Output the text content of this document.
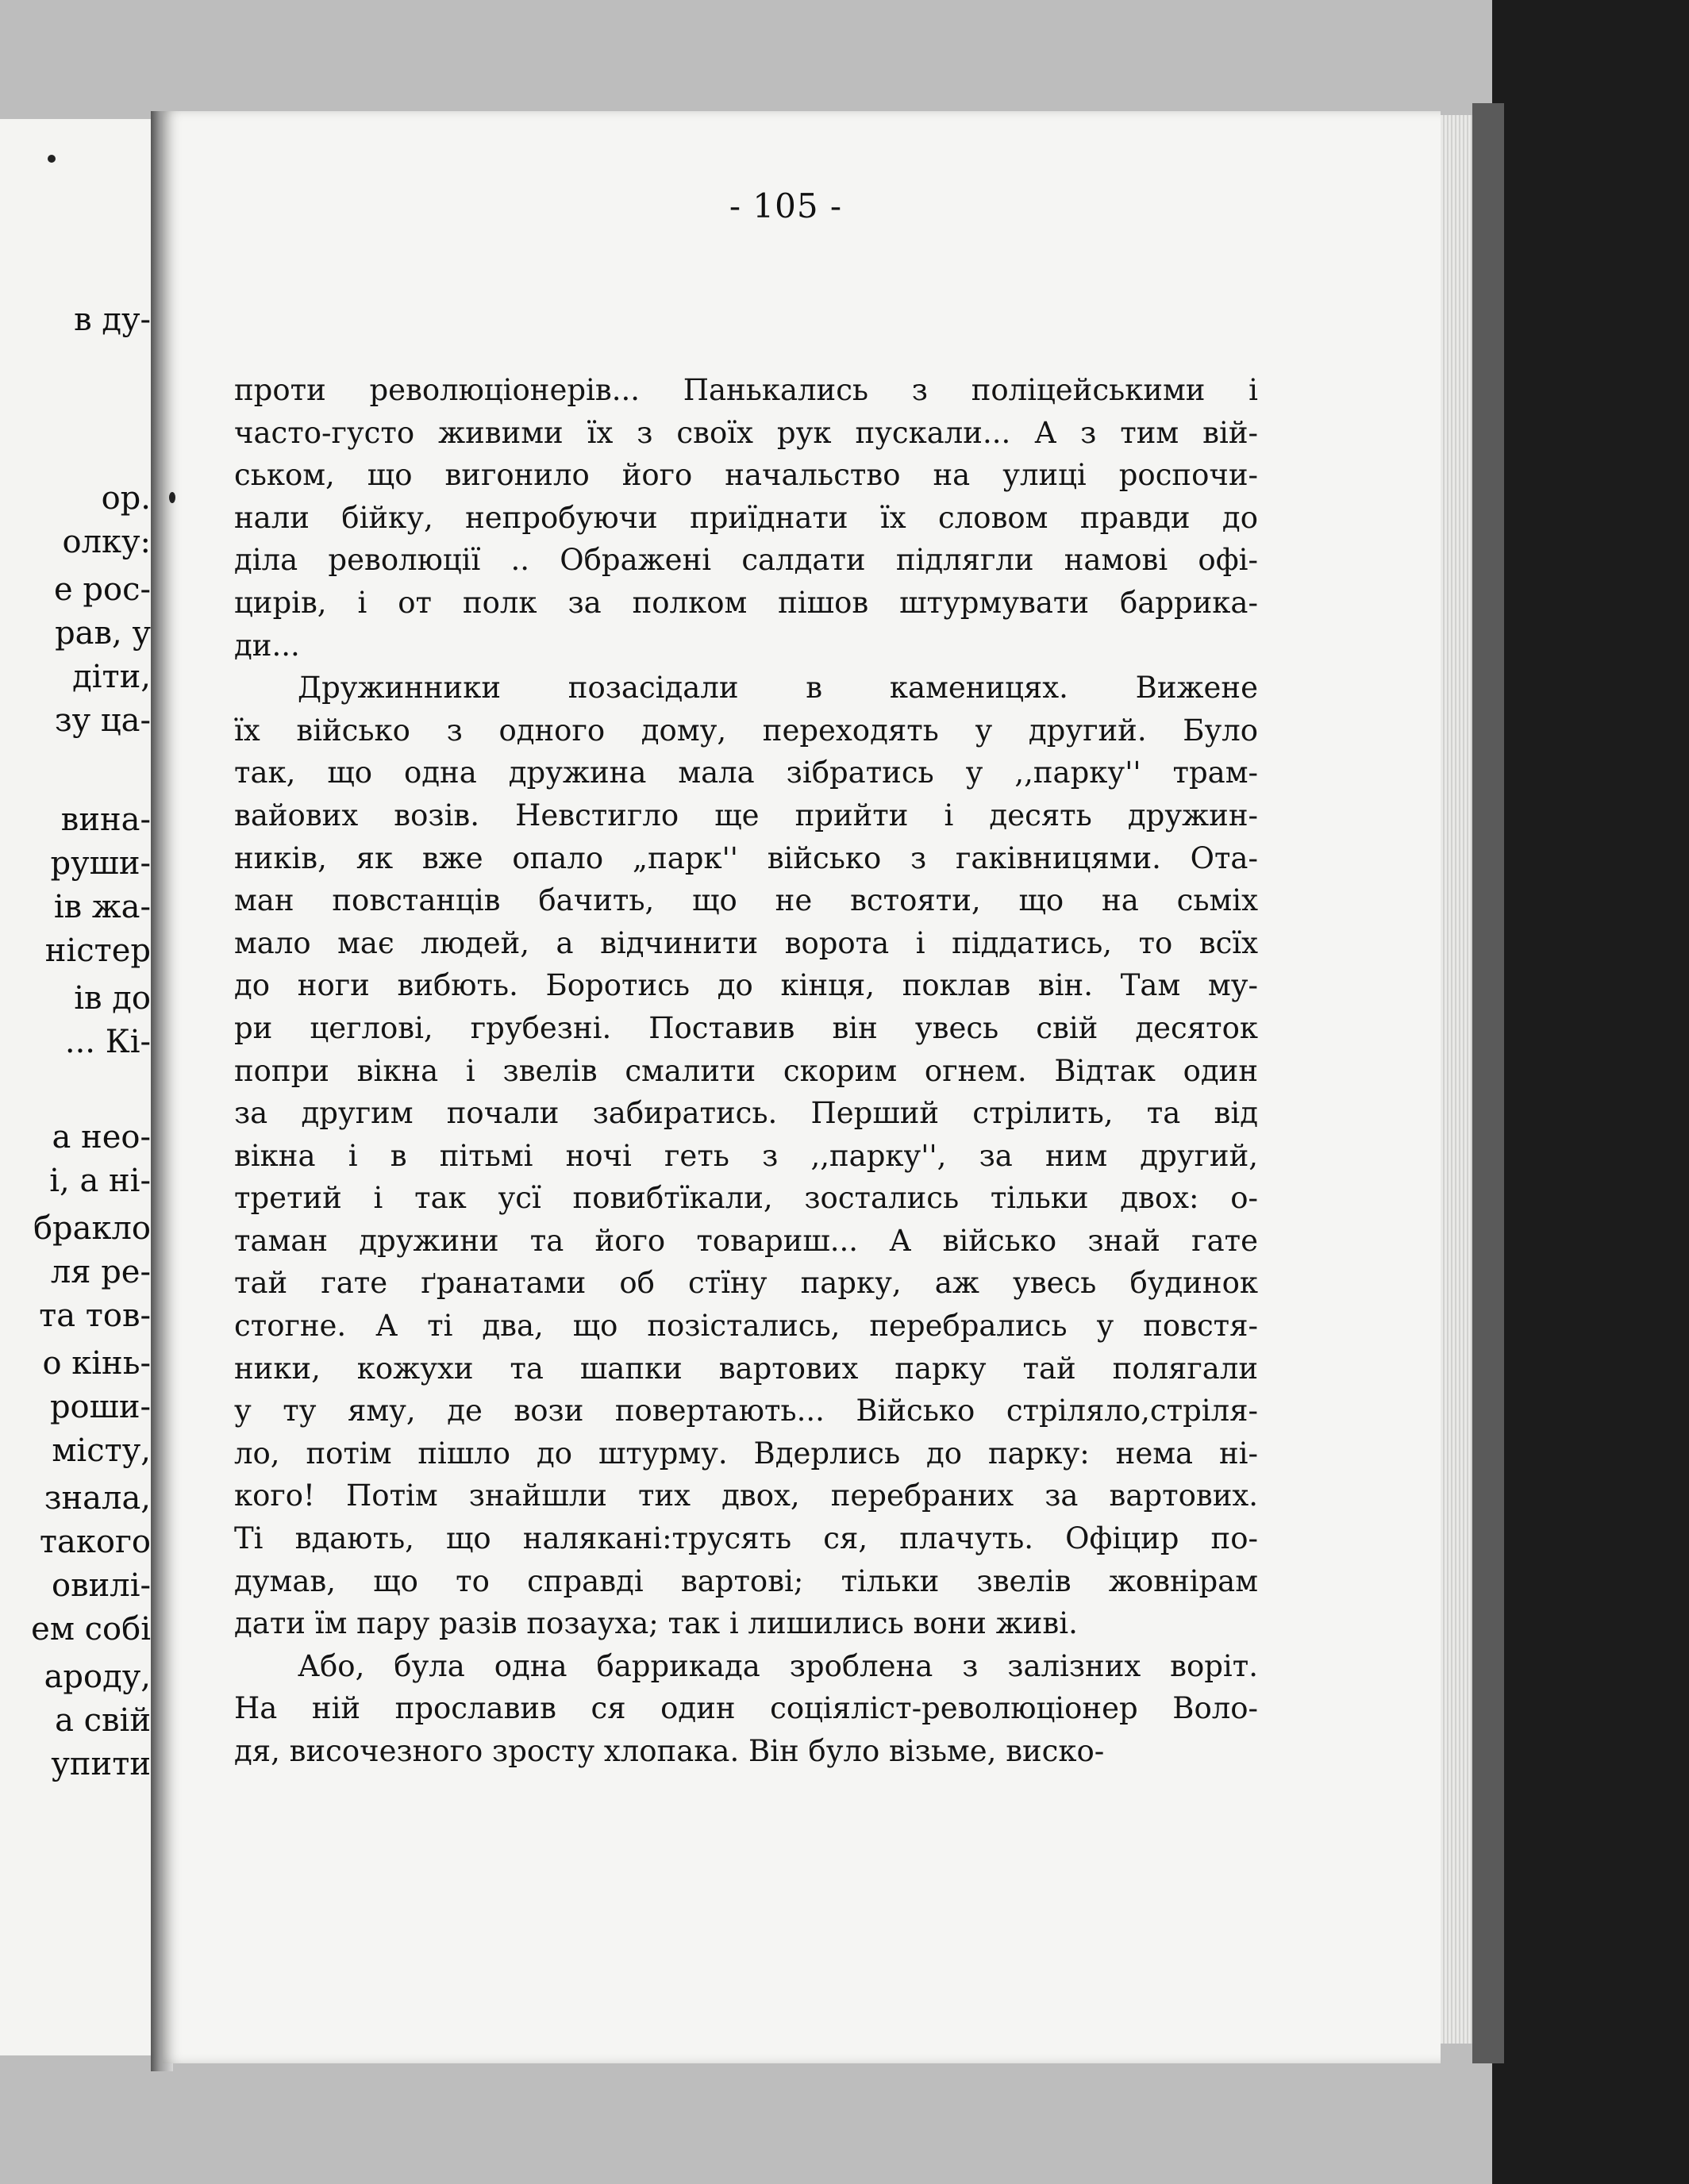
в ду-
ор.
олку:
е рос-
рав, у
діти,
зу ца-
вина-
руши-
ів жа-
ністер
ів до
... Кі-
а нео-
і, а ні-
бракло
ля ре-
та тов-
о кінь-
роши-
місту,
знала,
такого
овилі-
ем собі
ароду,
а свій
упити
- 105 -
проти революціонерів... Панькались з поліцейськими і
часто-густо живими їх з своїх рук пускали... А з тим вій-
ськом, що вигонило його начальство на улиці роспочи-
нали бійку, непробуючи приїднати їх словом правди до
діла революції .. Ображені салдати підлягли намові офі-
цирів, і от полк за полком пішов штурмувати баррика-
ди...
Дружинники позасідали в каменицях. Вижене
їх військо з одного дому, переходять у другий. Було
так, що одна дружина мала зібратись у ,,парку'' трам-
вайових возів. Невстигло ще прийти і десять дружин-
ників, як вже опало „парк'' військо з гаківницями. Ота-
ман повстанців бачить, що не встояти, що на сьміх
мало має людей, а відчинити ворота і піддатись, то всїх
до ноги вибють. Боротись до кінця, поклав він. Там му-
ри цеглові, грубезні. Поставив він увесь свій десяток
попри вікна і звелів смалити скорим огнем. Відтак один
за другим почали забиратись. Перший стрілить, та від
вікна і в пітьмі ночі геть з ,,парку'', за ним другий,
третий і так усї повибтїкали, зостались тільки двох: о-
таман дружини та його товариш... А військо знай гате
тай гате ґранатами об стїну парку, аж увесь будинок
стогне. А ті два, що позістались, перебрались у повстя-
ники, кожухи та шапки вартових парку тай полягали
у ту яму, де вози повертають... Військо стріляло,стріля-
ло, потім пішло до штурму. Вдерлись до парку: нема ні-
кого! Потім знайшли тих двох, перебраних за вартових.
Ті вдають, що налякані:трусять ся, плачуть. Офіцир по-
думав, що то справді вартові; тільки звелів жовнірам
дати їм пару разів позауха; так і лишились вони живі.
Або, була одна баррикада зроблена з залізних воріт.
На ній прославив ся один соціяліст-революціонер Воло-
дя, височезного зросту хлопака. Він було візьме, виско-
